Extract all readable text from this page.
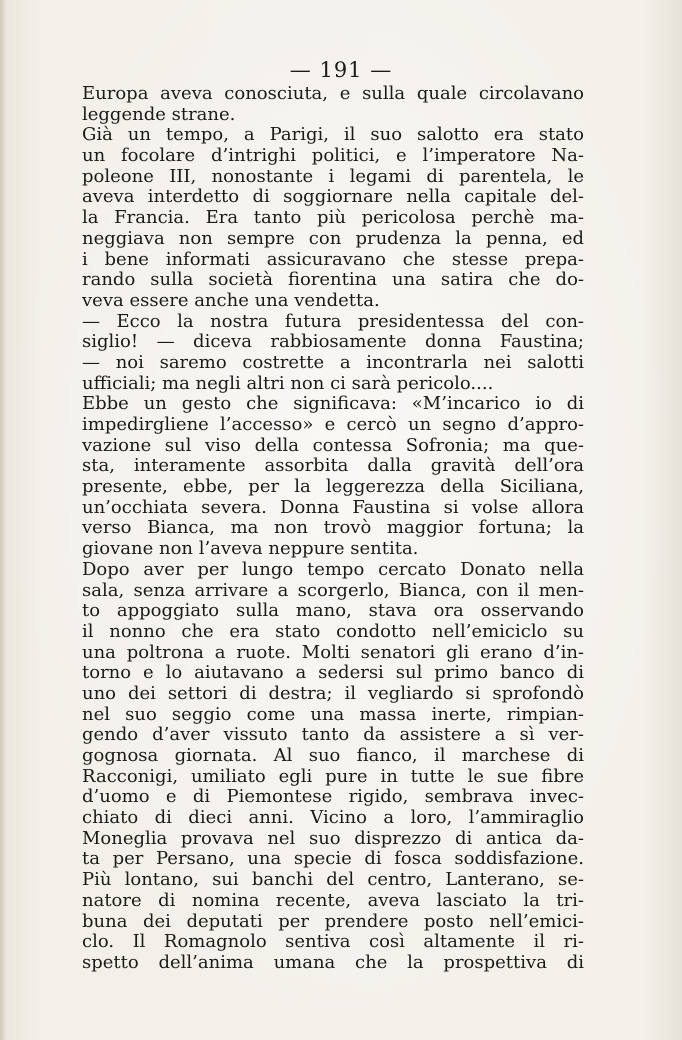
— 191 —
Europa aveva conosciuta, e sulla quale circolavano
leggende strane.
Già un tempo, a Parigi, il suo salotto era stato
un focolare d’intrighi politici, e l’imperatore Na-
poleone III, nonostante i legami di parentela, le
aveva interdetto di soggiornare nella capitale del-
la Francia. Era tanto più pericolosa perchè ma-
neggiava non sempre con prudenza la penna, ed
i bene informati assicuravano che stesse prepa-
rando sulla società fiorentina una satira che do-
veva essere anche una vendetta.
— Ecco la nostra futura presidentessa del con-
siglio! — diceva rabbiosamente donna Faustina;
— noi saremo costrette a incontrarla nei salotti
ufficiali; ma negli altri non ci sarà pericolo....
Ebbe un gesto che significava: «M’incarico io di
impedirgliene l’accesso» e cercò un segno d’appro-
vazione sul viso della contessa Sofronia; ma que-
sta, interamente assorbita dalla gravità dell’ora
presente, ebbe, per la leggerezza della Siciliana,
un’occhiata severa. Donna Faustina si volse allora
verso Bianca, ma non trovò maggior fortuna; la
giovane non l’aveva neppure sentita.
Dopo aver per lungo tempo cercato Donato nella
sala, senza arrivare a scorgerlo, Bianca, con il men-
to appoggiato sulla mano, stava ora osservando
il nonno che era stato condotto nell’emiciclo su
una poltrona a ruote. Molti senatori gli erano d’in-
torno e lo aiutavano a sedersi sul primo banco di
uno dei settori di destra; il vegliardo si sprofondò
nel suo seggio come una massa inerte, rimpian-
gendo d’aver vissuto tanto da assistere a sì ver-
gognosa giornata. Al suo fianco, il marchese di
Racconigi, umiliato egli pure in tutte le sue fibre
d’uomo e di Piemontese rigido, sembrava invec-
chiato di dieci anni. Vicino a loro, l’ammiraglio
Moneglia provava nel suo disprezzo di antica da-
ta per Persano, una specie di fosca soddisfazione.
Più lontano, sui banchi del centro, Lanterano, se-
natore di nomina recente, aveva lasciato la tri-
buna dei deputati per prendere posto nell’emici-
clo. Il Romagnolo sentiva così altamente il ri-
spetto dell’anima umana che la prospettiva di
